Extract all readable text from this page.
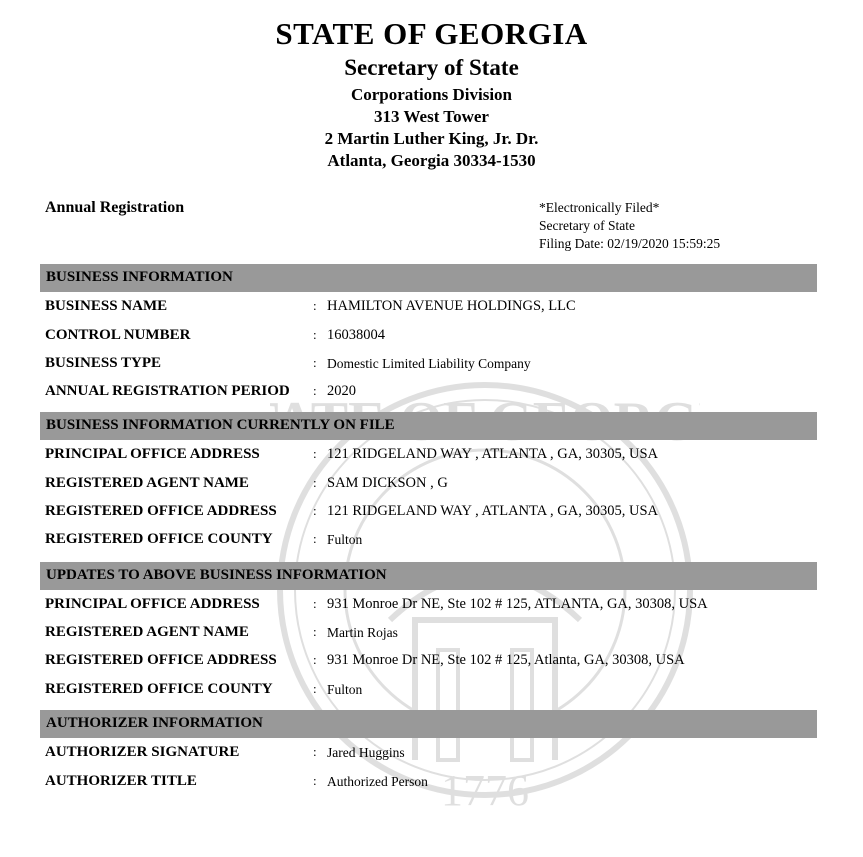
1776
STATE OF GEORGIA
Secretary of State
Corporations Division
313 West Tower
2 Martin Luther King, Jr. Dr.
Atlanta, Georgia 30334-1530
Annual Registration	*Electronically Filed*
Secretary of State
Filing Date: 02/19/2020 15:59:25
BUSINESS INFORMATION
BUSINESS NAME	: HAMILTON AVENUE HOLDINGS, LLC
CONTROL NUMBER	: 16038004
BUSINESS TYPE	: Domestic Limited Liability Company
ANNUAL REGISTRATION PERIOD : 2020
BUSINESS INFORMATION CURRENTLY ON FILE
PRINCIPAL OFFICE ADDRESS	: 121 RIDGELAND WAY , ATLANTA , GA, 30305, USA
REGISTERED AGENT NAME	: SAM DICKSON , G
REGISTERED OFFICE ADDRESS	: 121 RIDGELAND WAY , ATLANTA , GA, 30305, USA
REGISTERED OFFICE COUNTY	: Fulton
UPDATES TO ABOVE BUSINESS INFORMATION
PRINCIPAL OFFICE ADDRESS	: 931 Monroe Dr NE, Ste 102 # 125, ATLANTA, GA, 30308, USA
REGISTERED AGENT NAME	: Martin Rojas
REGISTERED OFFICE ADDRESS	: 931 Monroe Dr NE, Ste 102 # 125, Atlanta, GA, 30308, USA
REGISTERED OFFICE COUNTY	: Fulton
AUTHORIZER INFORMATION
AUTHORIZER SIGNATURE	: Jared Huggins
AUTHORIZER TITLE	: Authorized Person
